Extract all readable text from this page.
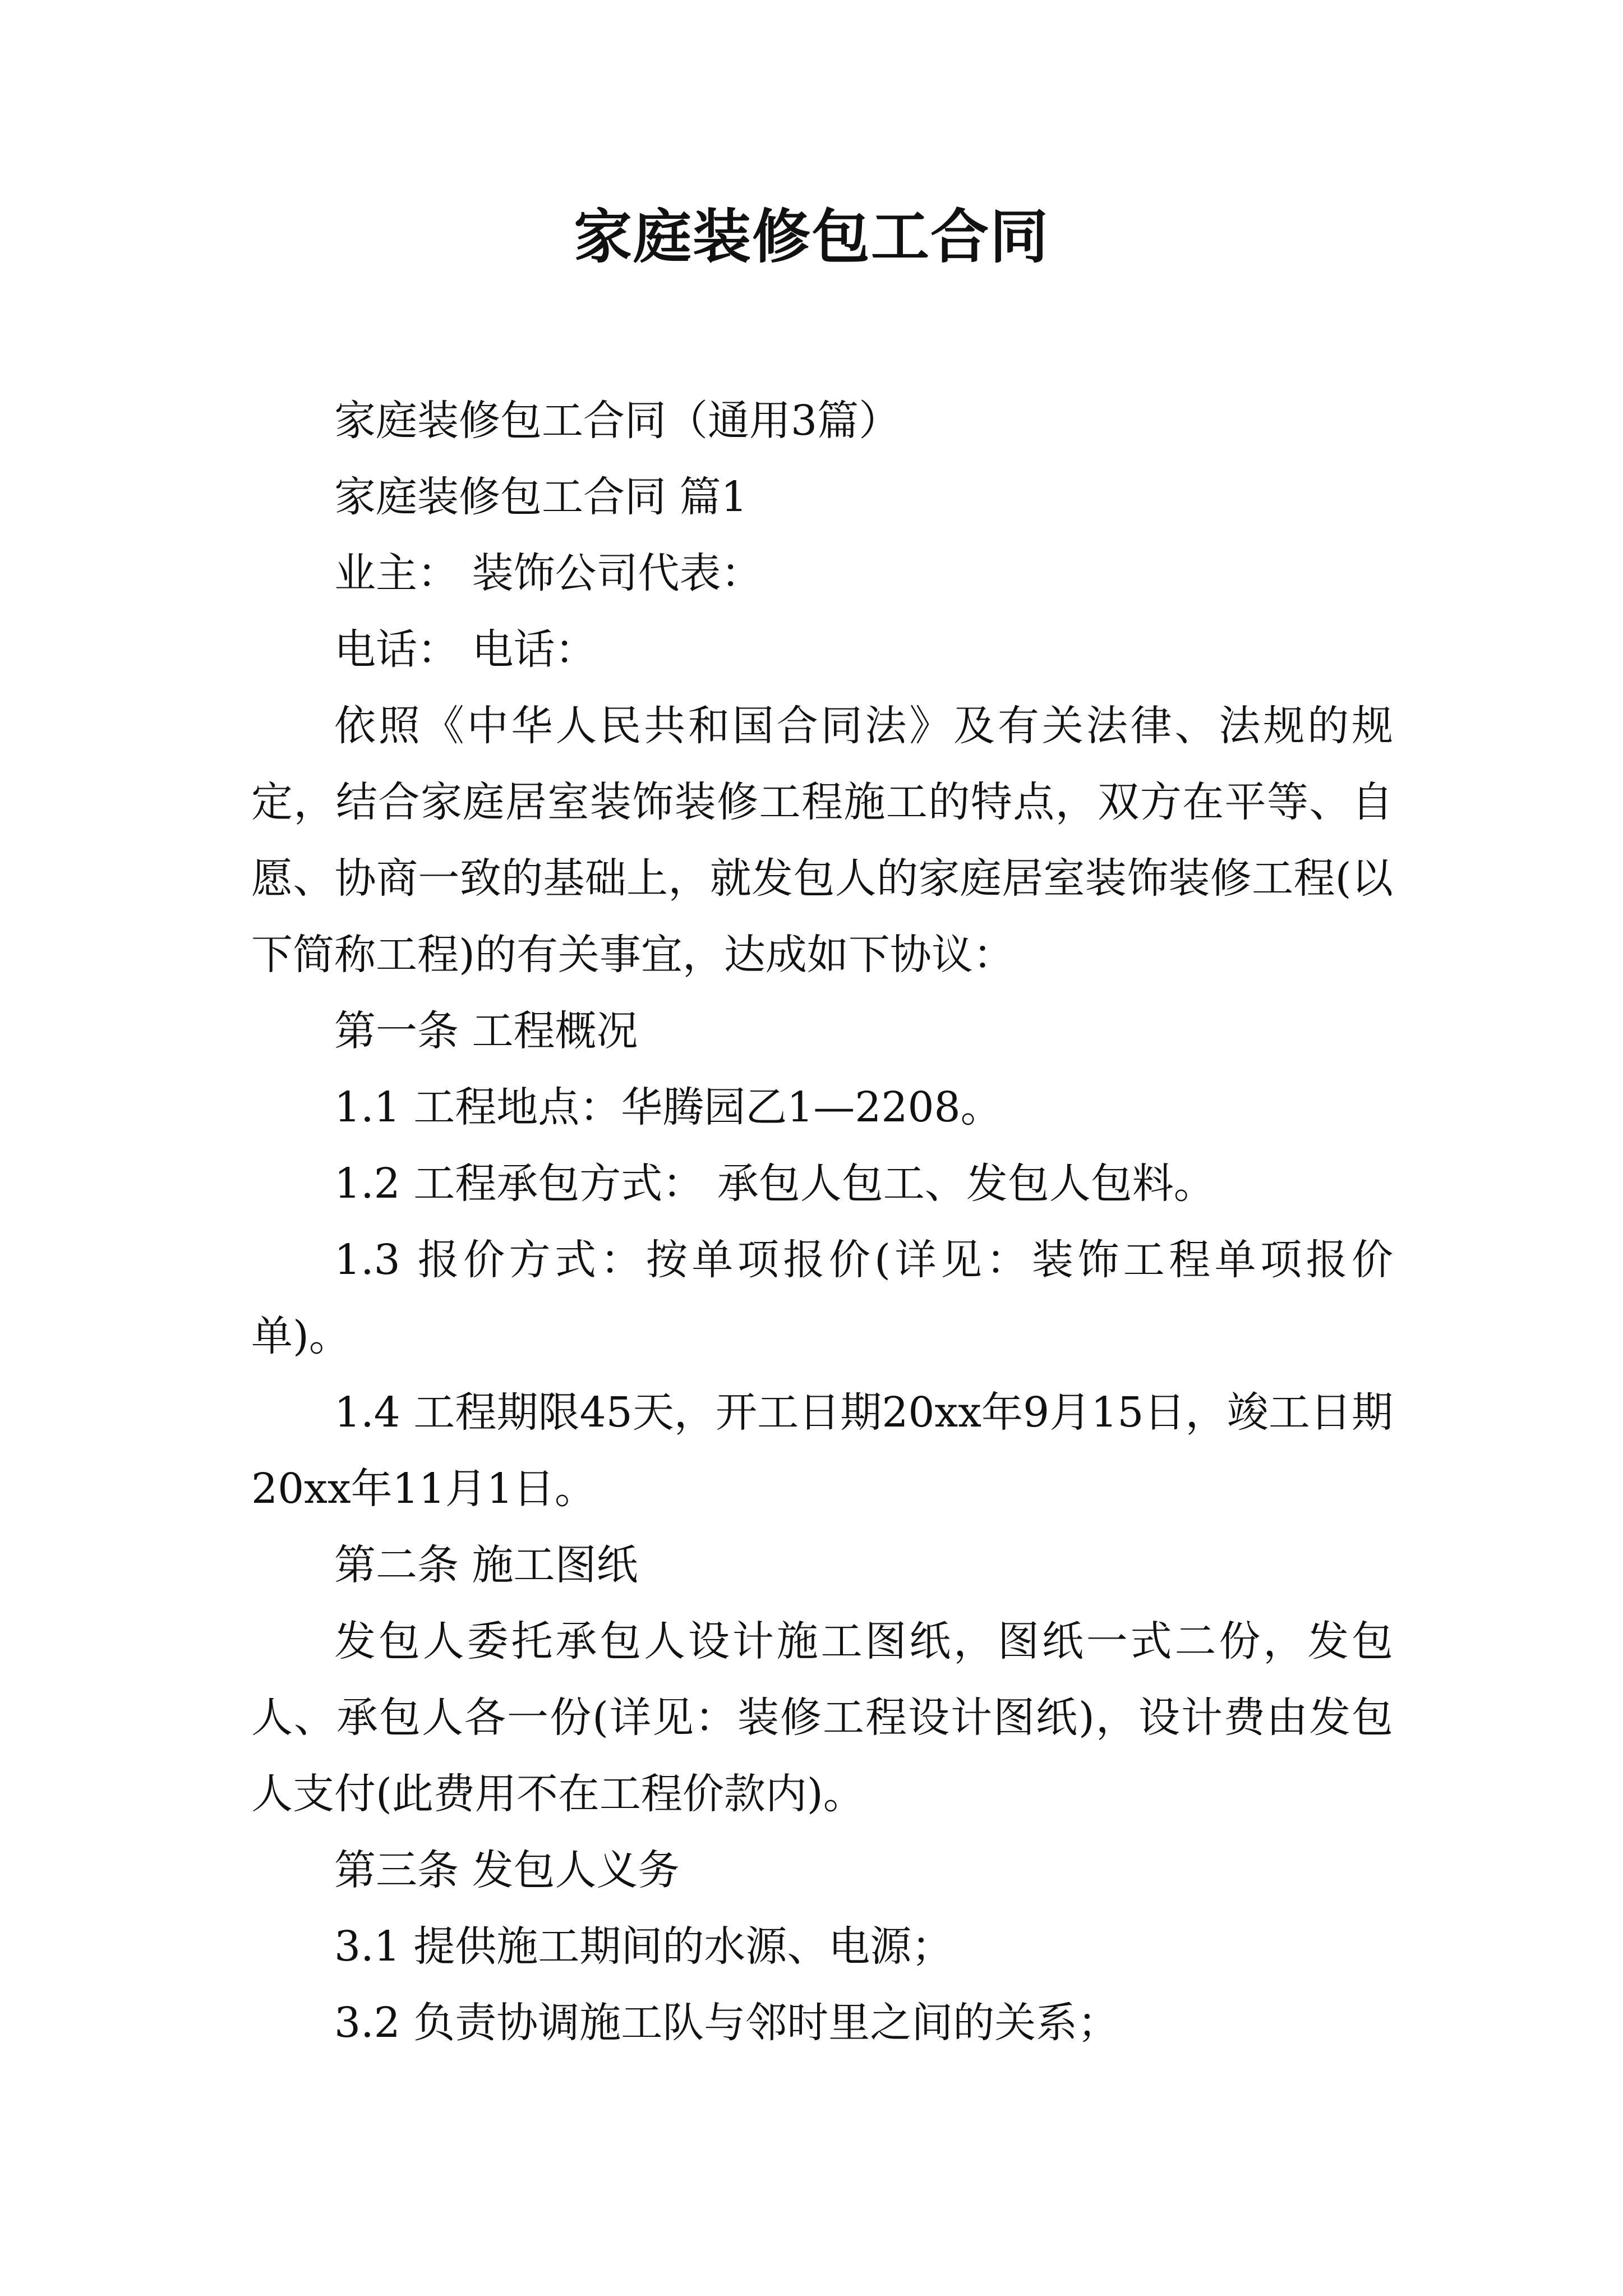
家庭装修包工合同

家庭装修包工合同（通用3篇）

家庭装修包工合同 篇1

业主： 装饰公司代表：

电话： 电话：

依照《中华人民共和国合同法》及有关法律、法规的规定，结合家庭居室装饰装修工程施工的特点，双方在平等、自愿、协商一致的基础上，就发包人的家庭居室装饰装修工程(以下简称工程)的有关事宜，达成如下协议：

第一条 工程概况

1.1 工程地点：华腾园乙1—2208。

1.2 工程承包方式： 承包人包工、发包人包料。

1.3 报价方式：按单项报价(详见：装饰工程单项报价单)。

1.4 工程期限45天，开工日期20xx年9月15日，竣工日期20xx年11月1日。

第二条 施工图纸

发包人委托承包人设计施工图纸，图纸一式二份，发包人、承包人各一份(详见：装修工程设计图纸)，设计费由发包人支付(此费用不在工程价款内)。

第三条 发包人义务

3.1 提供施工期间的水源、电源；

3.2 负责协调施工队与邻时里之间的关系；
